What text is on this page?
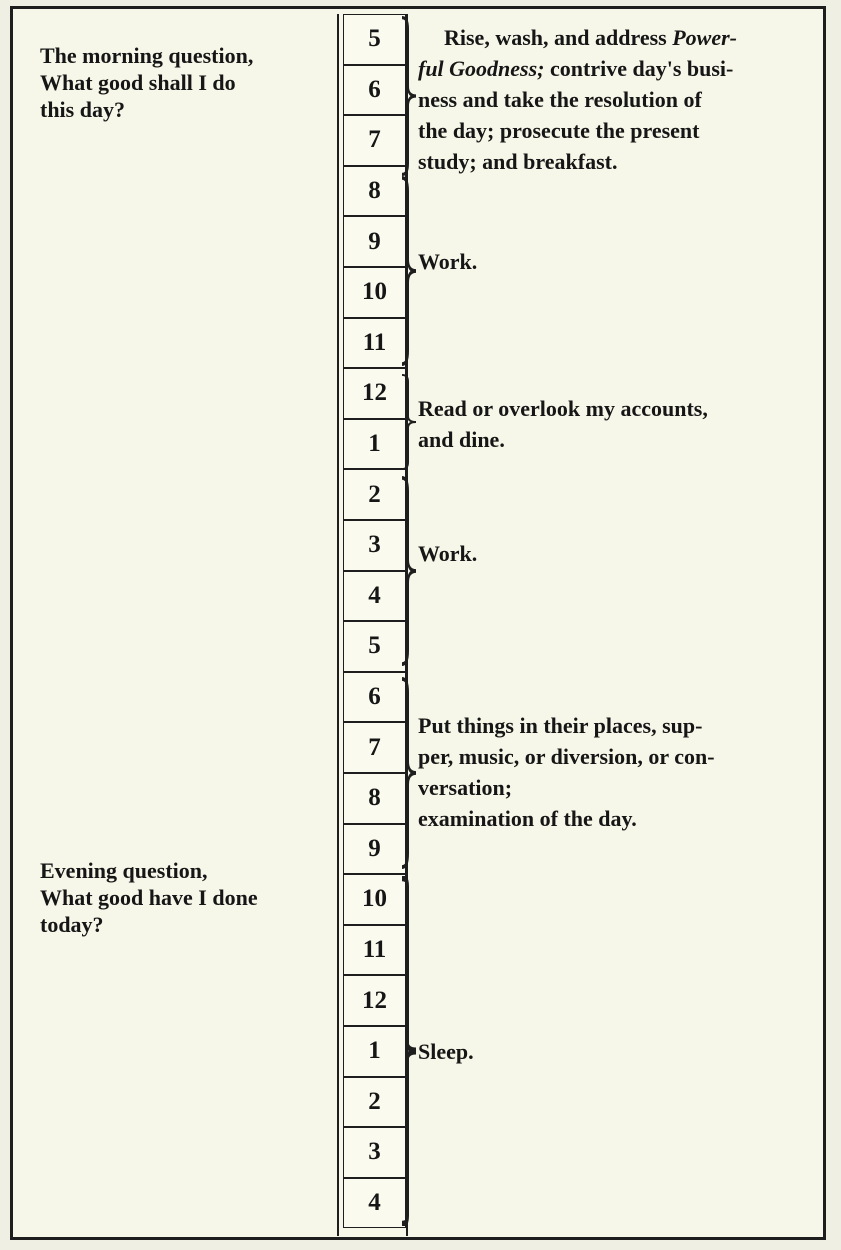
The morning question,
What good shall I do
this day?
Evening question,
What good have I done
today?
5
6
7
8
9
10
11
12
1
2
3
4
5
6
7
8
9
10
11
12
1
2
3
4
Rise, wash, and address Power-
ful Goodness; contrive day's busi-
ness and take the resolution of
the day; prosecute the present
study; and breakfast.
Work.
Read or overlook my accounts,
and dine.
Work.
Put things in their places, sup-
per, music, or diversion, or con-
versation;
examination of the day.
Sleep.
